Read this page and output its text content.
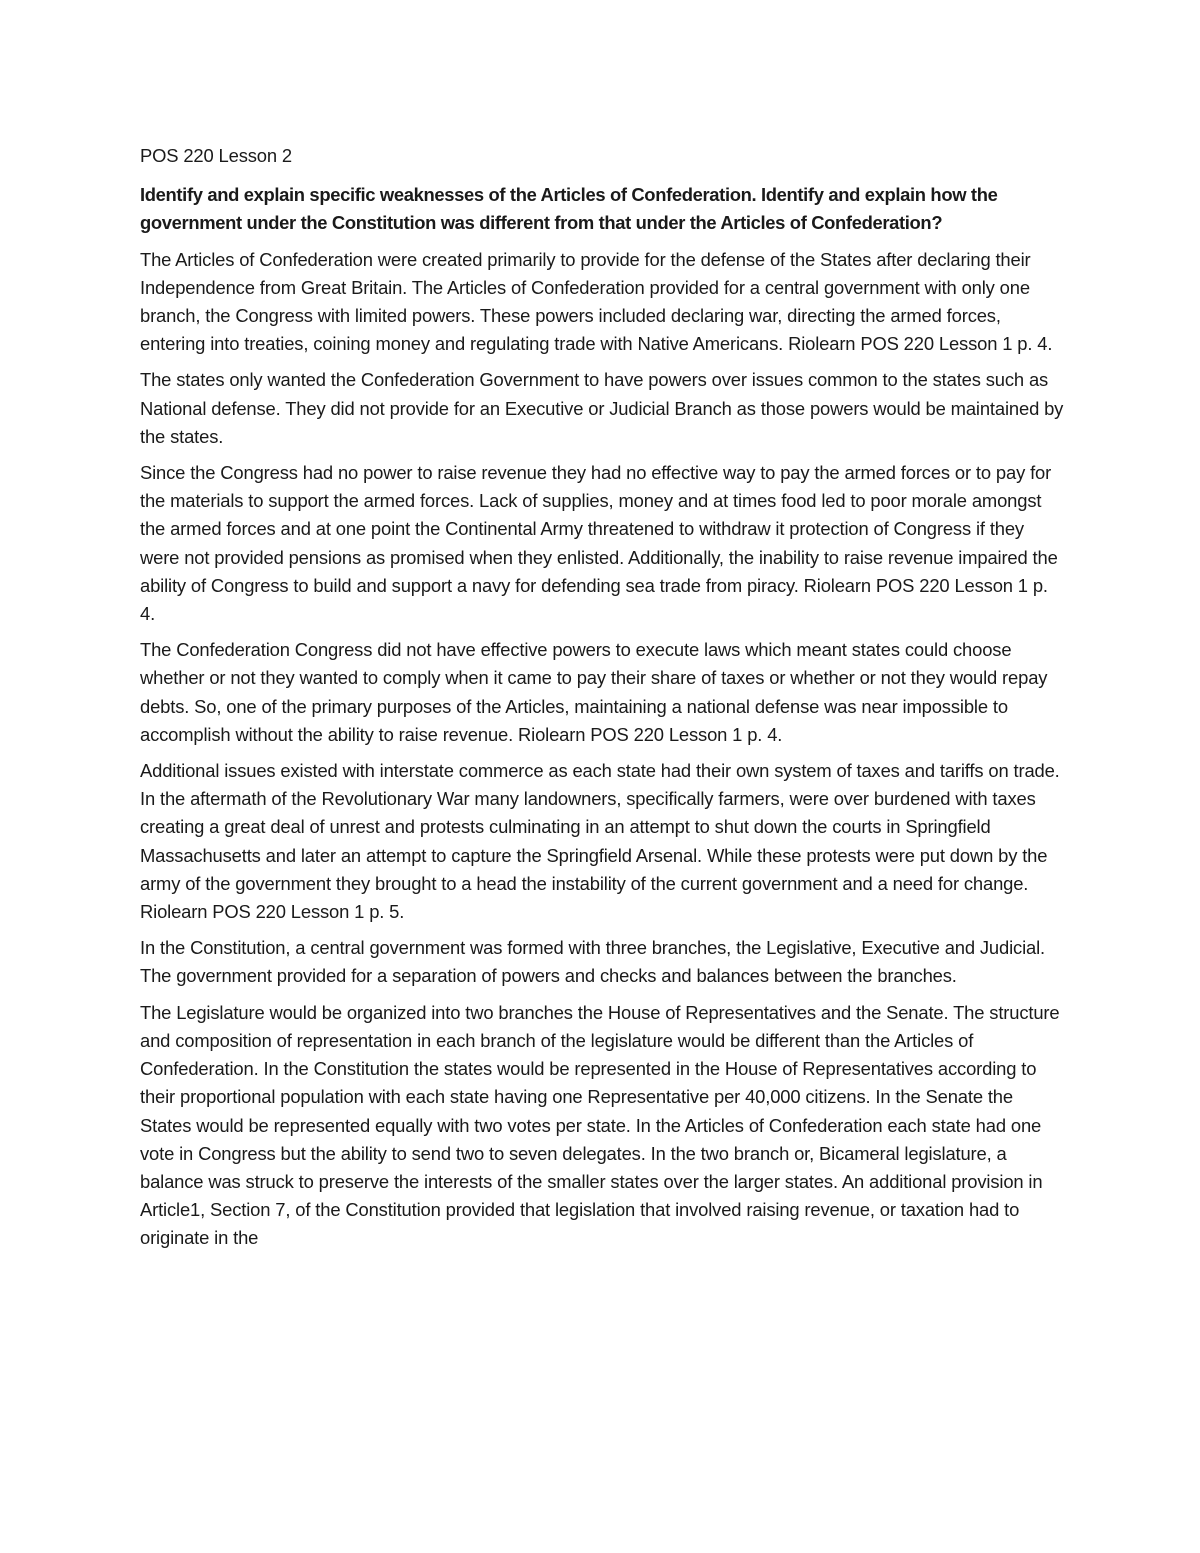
POS 220 Lesson 2

Identify and explain specific weaknesses of the Articles of Confederation. Identify and explain how the government under the Constitution was different from that under the Articles of Confederation?

The Articles of Confederation were created primarily to provide for the defense of the States after declaring their Independence from Great Britain. The Articles of Confederation provided for a central government with only one branch, the Congress with limited powers. These powers included declaring war, directing the armed forces, entering into treaties, coining money and regulating trade with Native Americans. Riolearn POS 220 Lesson 1 p. 4.

The states only wanted the Confederation Government to have powers over issues common to the states such as National defense. They did not provide for an Executive or Judicial Branch as those powers would be maintained by the states.

Since the Congress had no power to raise revenue they had no effective way to pay the armed forces or to pay for the materials to support the armed forces. Lack of supplies, money and at times food led to poor morale amongst the armed forces and at one point the Continental Army threatened to withdraw it protection of Congress if they were not provided pensions as promised when they enlisted. Additionally, the inability to raise revenue impaired the ability of Congress to build and support a navy for defending sea trade from piracy. Riolearn POS 220 Lesson 1 p. 4.

The Confederation Congress did not have effective powers to execute laws which meant states could choose whether or not they wanted to comply when it came to pay their share of taxes or whether or not they would repay debts. So, one of the primary purposes of the Articles, maintaining a national defense was near impossible to accomplish without the ability to raise revenue. Riolearn POS 220 Lesson 1 p. 4.

Additional issues existed with interstate commerce as each state had their own system of taxes and tariffs on trade. In the aftermath of the Revolutionary War many landowners, specifically farmers, were over burdened with taxes creating a great deal of unrest and protests culminating in an attempt to shut down the courts in Springfield Massachusetts and later an attempt to capture the Springfield Arsenal. While these protests were put down by the army of the government they brought to a head the instability of the current government and a need for change. Riolearn POS 220 Lesson 1 p. 5.

In the Constitution, a central government was formed with three branches, the Legislative, Executive and Judicial. The government provided for a separation of powers and checks and balances between the branches.

The Legislature would be organized into two branches the House of Representatives and the Senate. The structure and composition of representation in each branch of the legislature would be different than the Articles of Confederation. In the Constitution the states would be represented in the House of Representatives according to their proportional population with each state having one Representative per 40,000 citizens. In the Senate the States would be represented equally with two votes per state. In the Articles of Confederation each state had one vote in Congress but the ability to send two to seven delegates. In the two branch or, Bicameral legislature, a balance was struck to preserve the interests of the smaller states over the larger states. An additional provision in Article1, Section 7, of the Constitution provided that legislation that involved raising revenue, or taxation had to originate in the
